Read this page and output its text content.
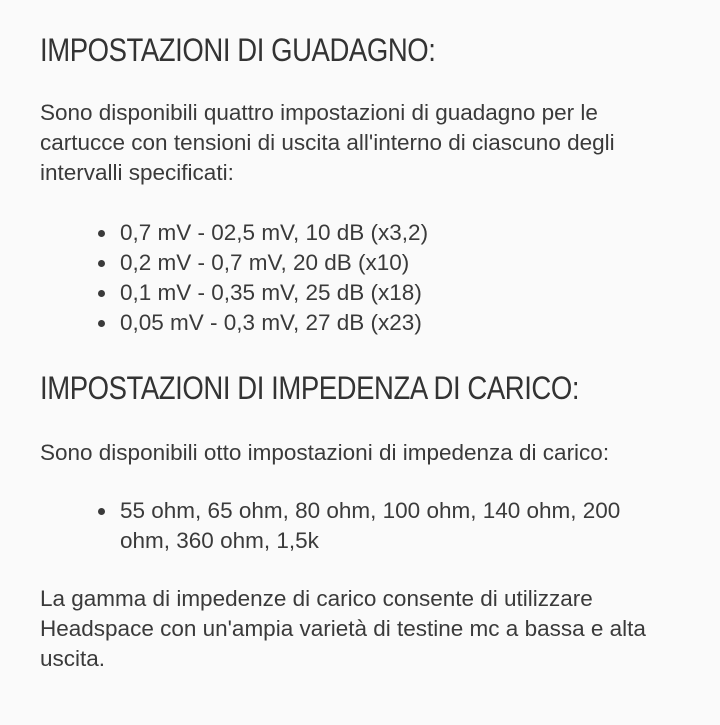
IMPOSTAZIONI DI GUADAGNO:

Sono disponibili quattro impostazioni di guadagno per le cartucce con tensioni di uscita all'interno di ciascuno degli intervalli specificati:

0,7 mV - 02,5 mV, 10 dB (x3,2)
0,2 mV - 0,7 mV, 20 dB (x10)
0,1 mV - 0,35 mV, 25 dB (x18)
0,05 mV - 0,3 mV, 27 dB (x23)
IMPOSTAZIONI DI IMPEDENZA DI CARICO:

Sono disponibili otto impostazioni di impedenza di carico:

55 ohm, 65 ohm, 80 ohm, 100 ohm, 140 ohm, 200 ohm, 360 ohm, 1,5k

La gamma di impedenze di carico consente di utilizzare Headspace con un'ampia varietà di testine mc a bassa e alta uscita.
